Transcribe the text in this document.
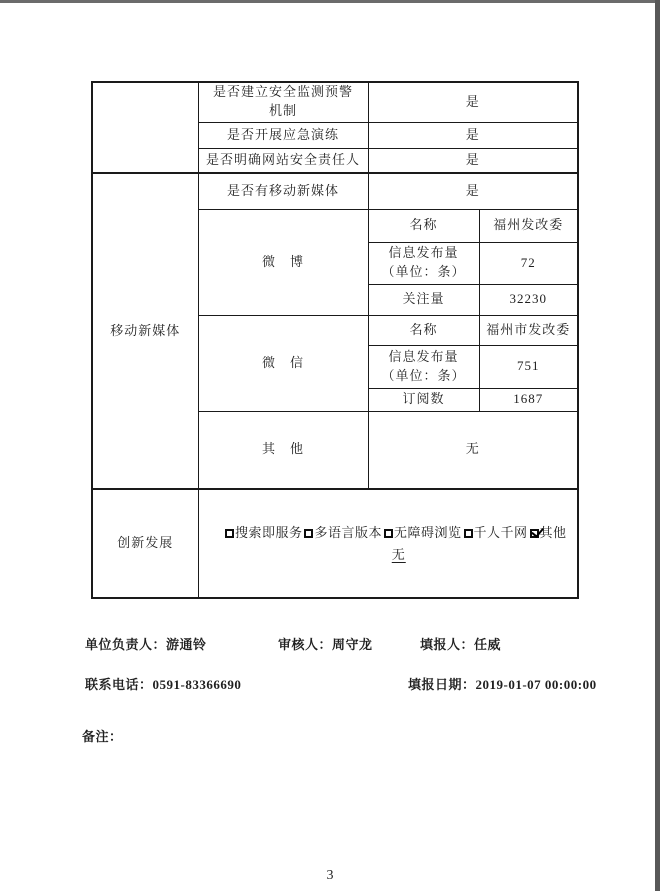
	是否建立安全监测预警机制	是	
	是否开展应急演练	是	
	是否明确网站安全责任人	是	
移动新媒体	是否有移动新媒体	是	
	微　博	名称	福州发改委

		信息发布量（单位：条）	72
		关注量	32230
	微　信	名称	福州市发改委

		信息发布量（单位：条）	751
		订阅数	1687
	其　他	无	
创新发展	搜索即服务 多语言版本 无障碍浏览 千人千网 其他
无		
单位负责人：游通铃	审核人：周守龙	填报人：任威
联系电话：0591-83366690	填报日期：2019-01-07 00:00:00
备注：
3
